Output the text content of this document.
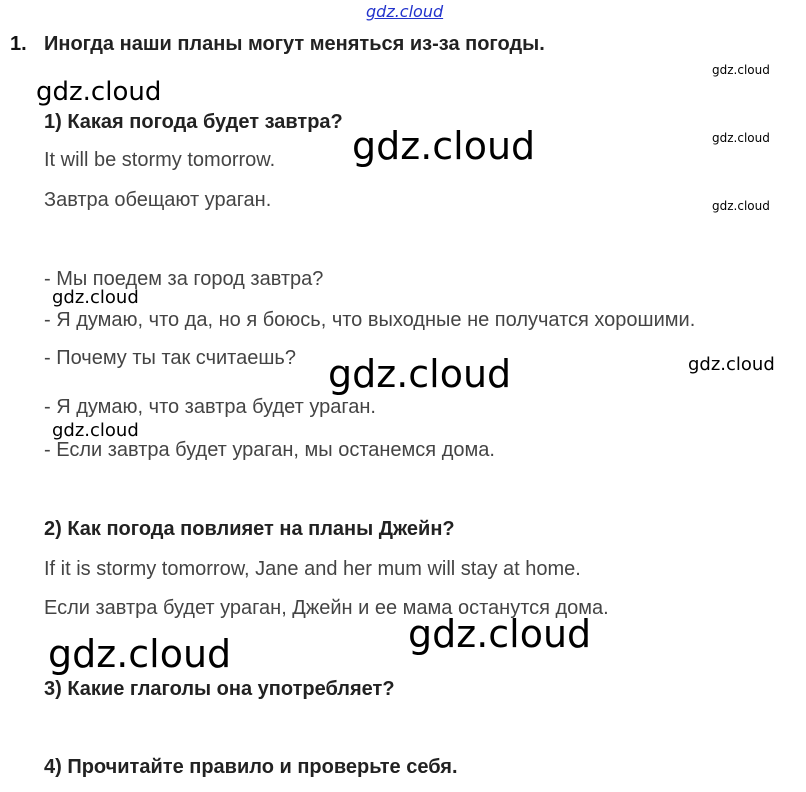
gdz.cloud
1. Иногда наши планы могут меняться из-за погоды.
1) Какая погода будет завтра?
It will be stormy tomorrow.
Завтра обещают ураган.
- Мы поедем за город завтра?
- Я думаю, что да, но я боюсь, что выходные не получатся хорошими.
- Почему ты так считаешь?
- Я думаю, что завтра будет ураган.
- Если завтра будет ураган, мы останемся дома.
2) Как погода повлияет на планы Джейн?
If it is stormy tomorrow, Jane and her mum will stay at home.
Если завтра будет ураган, Джейн и ее мама останутся дома.
3) Какие глаголы она употребляет?
4) Прочитайте правило и проверьте себя.
gdz.cloud
gdz.cloud
gdz.cloud	gdz.cloud
gdz.cloud
gdz.cloud
gdz.cloud
gdz.cloud
gdz.cloud
gdz.cloud
gdz.cloud
